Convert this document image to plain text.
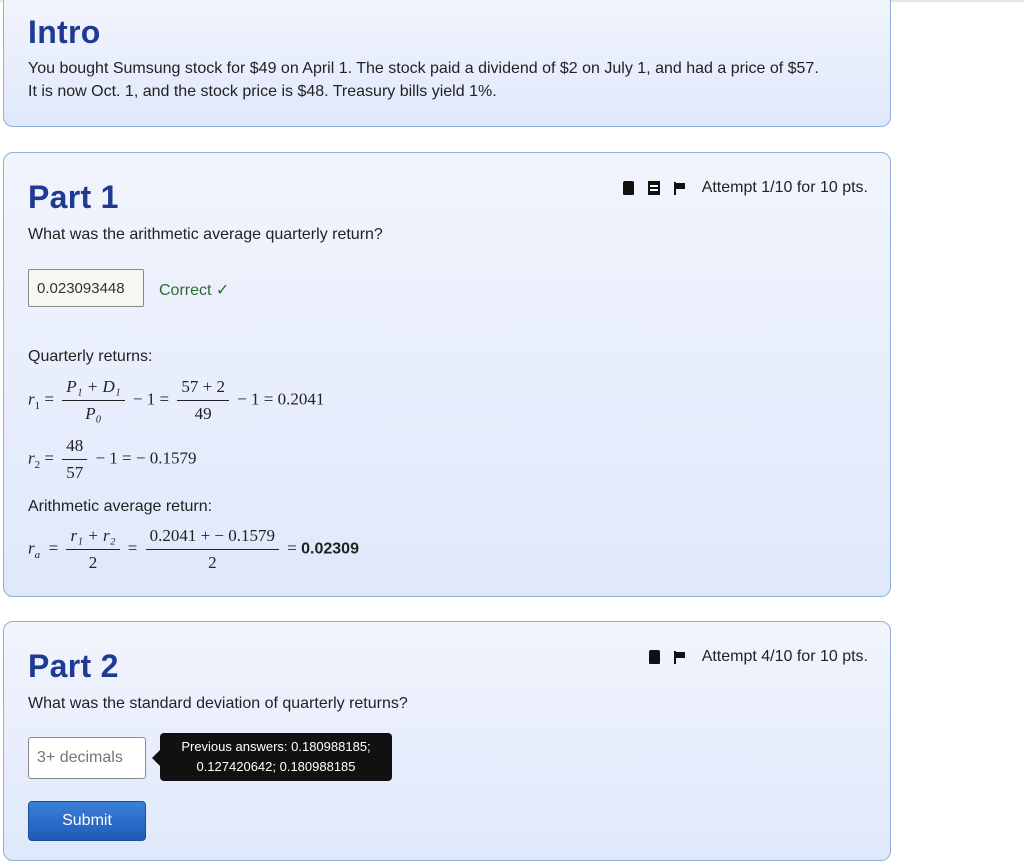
Intro
You bought Sumsung stock for $49 on April 1. The stock paid a dividend of $2 on July 1, and had a price of $57.
It is now Oct. 1, and the stock price is $48. Treasury bills yield 1%.
Part 1	Attempt 1/10 for 10 pts.
What was the arithmetic average quarterly return?
0.023093448	Correct ✓
Quarterly returns:
$r_1 = \frac{\text{P₁ + D₁}}{\text{P₀}} - 1 = \frac{57 + 2}{49} - 1 = 0.2041$
$r_2 = \frac{48}{57} - 1$ = − 0.1579
Arithmetic average return:
$r_a = \frac{\text{r₁ + r₂}}{2} = \frac{0.2041 + - 0.1579}{2} = 0.02309$
Part 2	Attempt 4/10 for 10 pts.
What was the standard deviation of quarterly returns?
3+ decimals
Previous answers: 0.180988185;
0.127420642; 0.180988185
Submit
